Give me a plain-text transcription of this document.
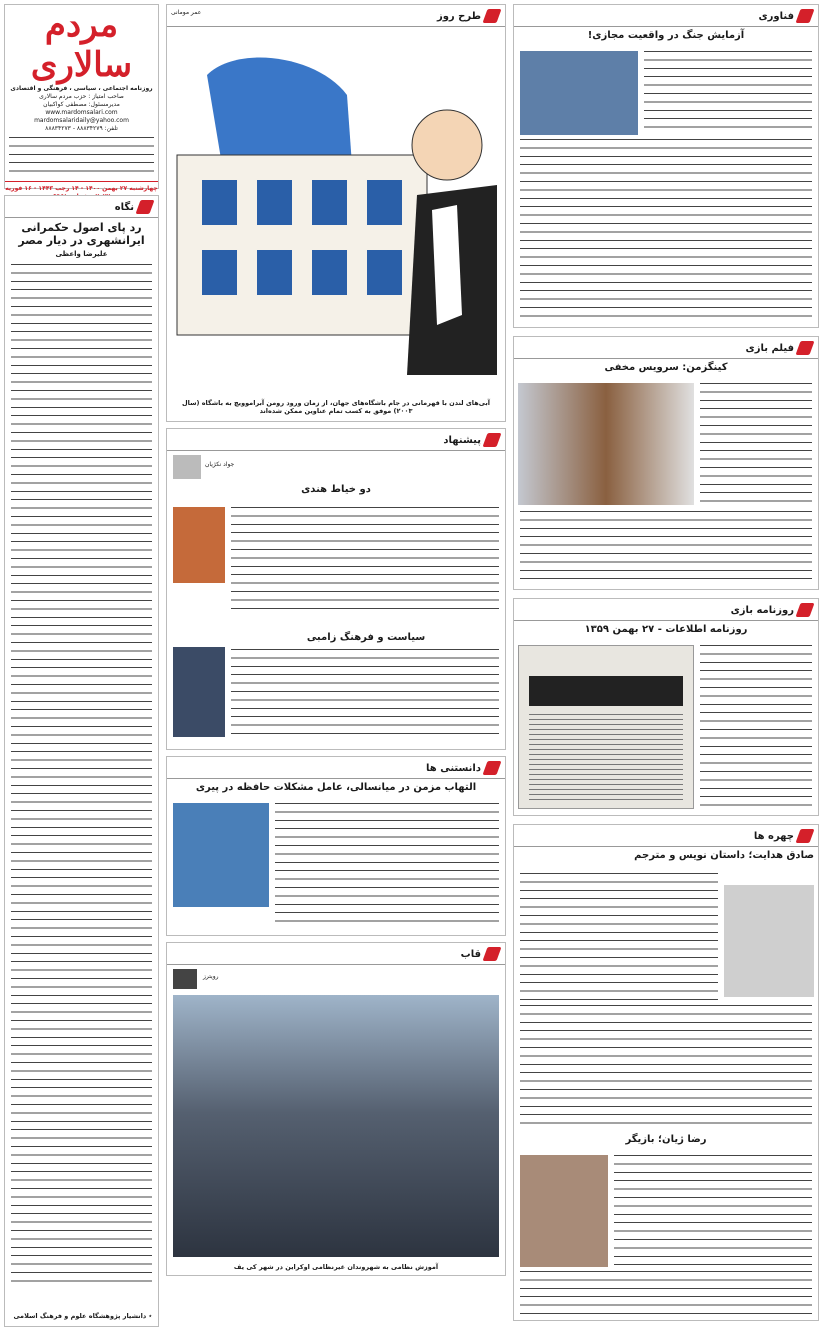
مردم سالاری
روزنامه اجتماعی ، سیاسی ، فرهنگی و اقتصادی
صاحب امتیاز : حزب مردم سالاری
مدیرمسئول: مصطفی کواکبیان
www.mardomsalari.com
mardomsalaridaily@yahoo.com
تلفن: ۸۸۸۳۴۲۷۹ - ۸۸۸۳۴۲۷۳
چهارشنبه ۲۷ بهمن ۱۴۰۰ - ۱۴ رجب ۱۴۴۳ - ۱۶ فوریه
نگاه
رد پای اصول حکمرانی ایرانشهری در دیار مصر
علیرضا واعظی
٭ دانشیار پژوهشگاه علوم و فرهنگ اسلامی
طرح روز
عمر مومانی
آبی‌های لندن با قهرمانی در جام باشگاه‌های جهان، از زمان ورود رومن آبراموویچ به باشگاه (سال ۲۰۰۳) موفق به کسب تمام عناوین ممکن شده‌اند
پیشنهاد
جواد نکژیان
دو خیاط هندی
سیاست و فرهنگ زامبی
دانستنی ها
التهاب مزمن در میانسالی، عامل مشکلات حافظه در پیری
قاب
رویترز
آموزش نظامی به شهروندان غیرنظامی اوکراین در شهر کی یف
فناوری
آزمایش جنگ در واقعیت مجازی!
فیلم بازی
کینگزمن: سرویس مخفی
روزنامه بازی
روزنامه اطلاعات - ۲۷ بهمن ۱۳۵۹
چهره ها
صادق هدایت؛ داستان نویس و مترجم
رضا ژیان؛ بازیگر
